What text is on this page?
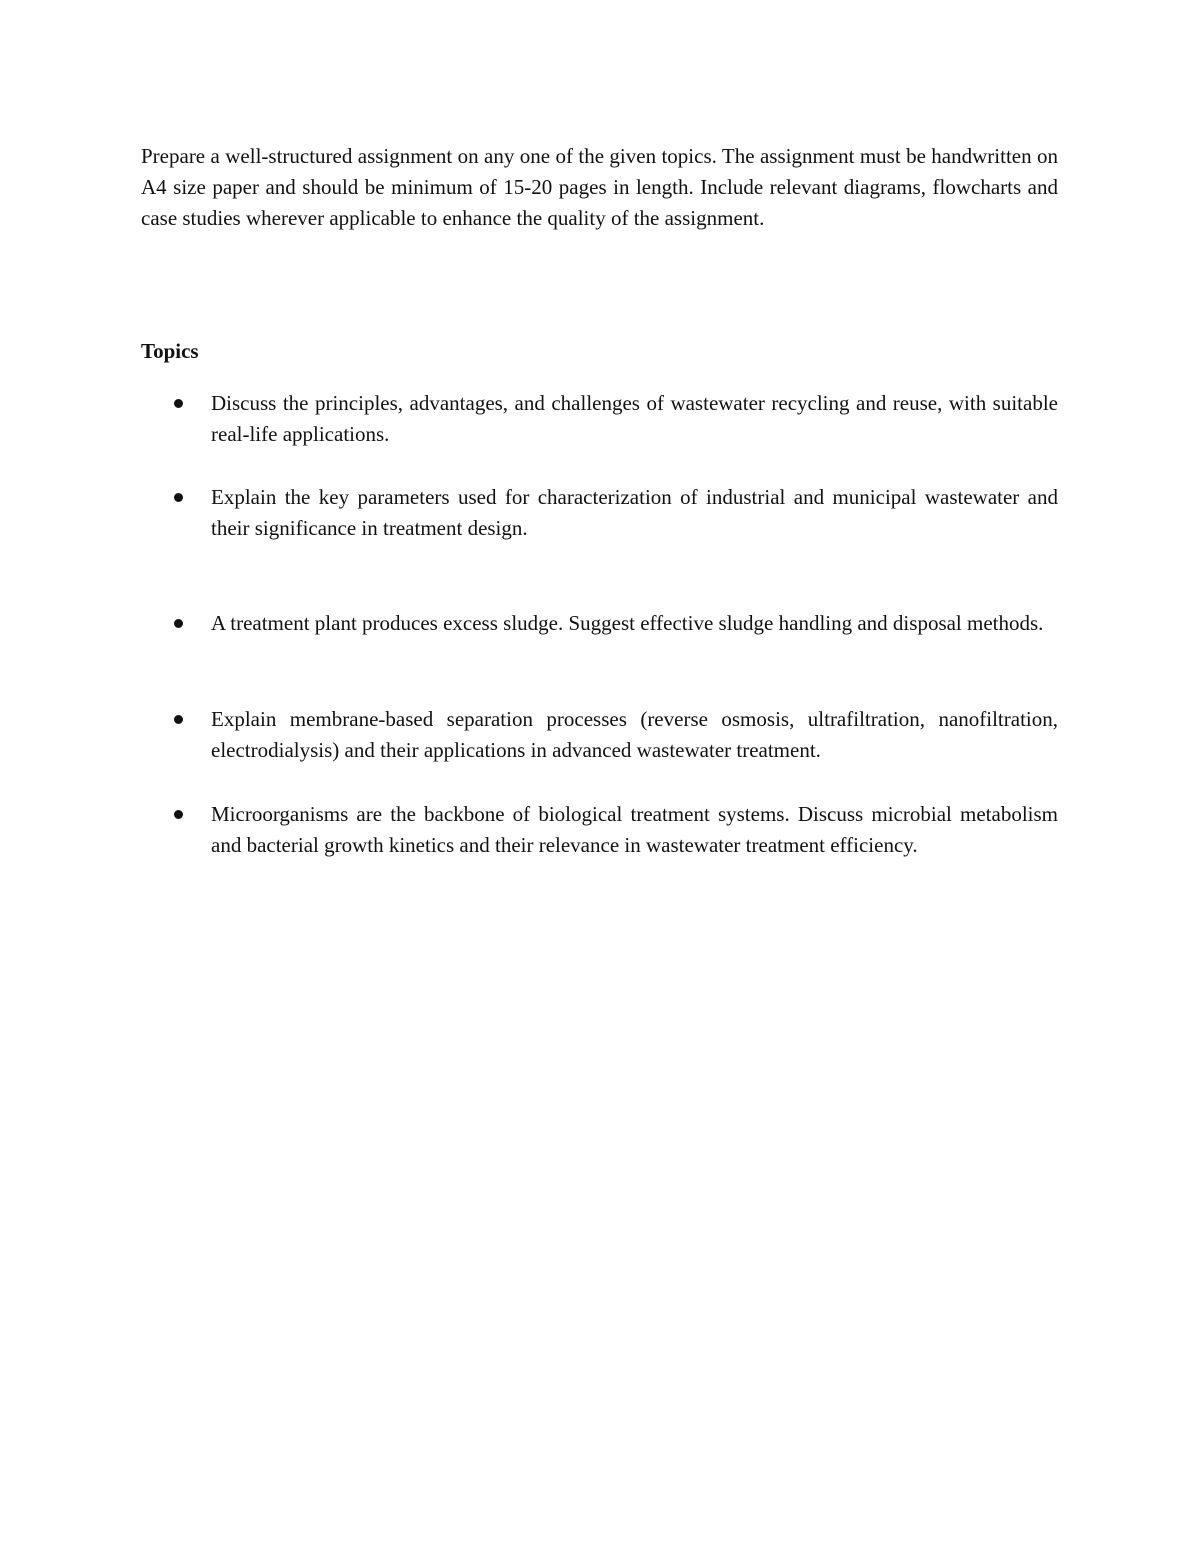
Prepare a well-structured assignment on any one of the given topics. The assignment must be handwritten on A4 size paper and should be minimum of 15-20 pages in length. Include relevant diagrams, flowcharts and case studies wherever applicable to enhance the quality of the assignment.

Topics
Discuss the principles, advantages, and challenges of wastewater recycling and reuse, with suitable real-life applications.
Explain the key parameters used for characterization of industrial and municipal wastewater and their significance in treatment design.
A treatment plant produces excess sludge. Suggest effective sludge handling and disposal methods.
Explain membrane-based separation processes (reverse osmosis, ultrafiltration, nanofiltration, electrodialysis) and their applications in advanced wastewater treatment.
Microorganisms are the backbone of biological treatment systems. Discuss microbial metabolism and bacterial growth kinetics and their relevance in wastewater treatment efficiency.
